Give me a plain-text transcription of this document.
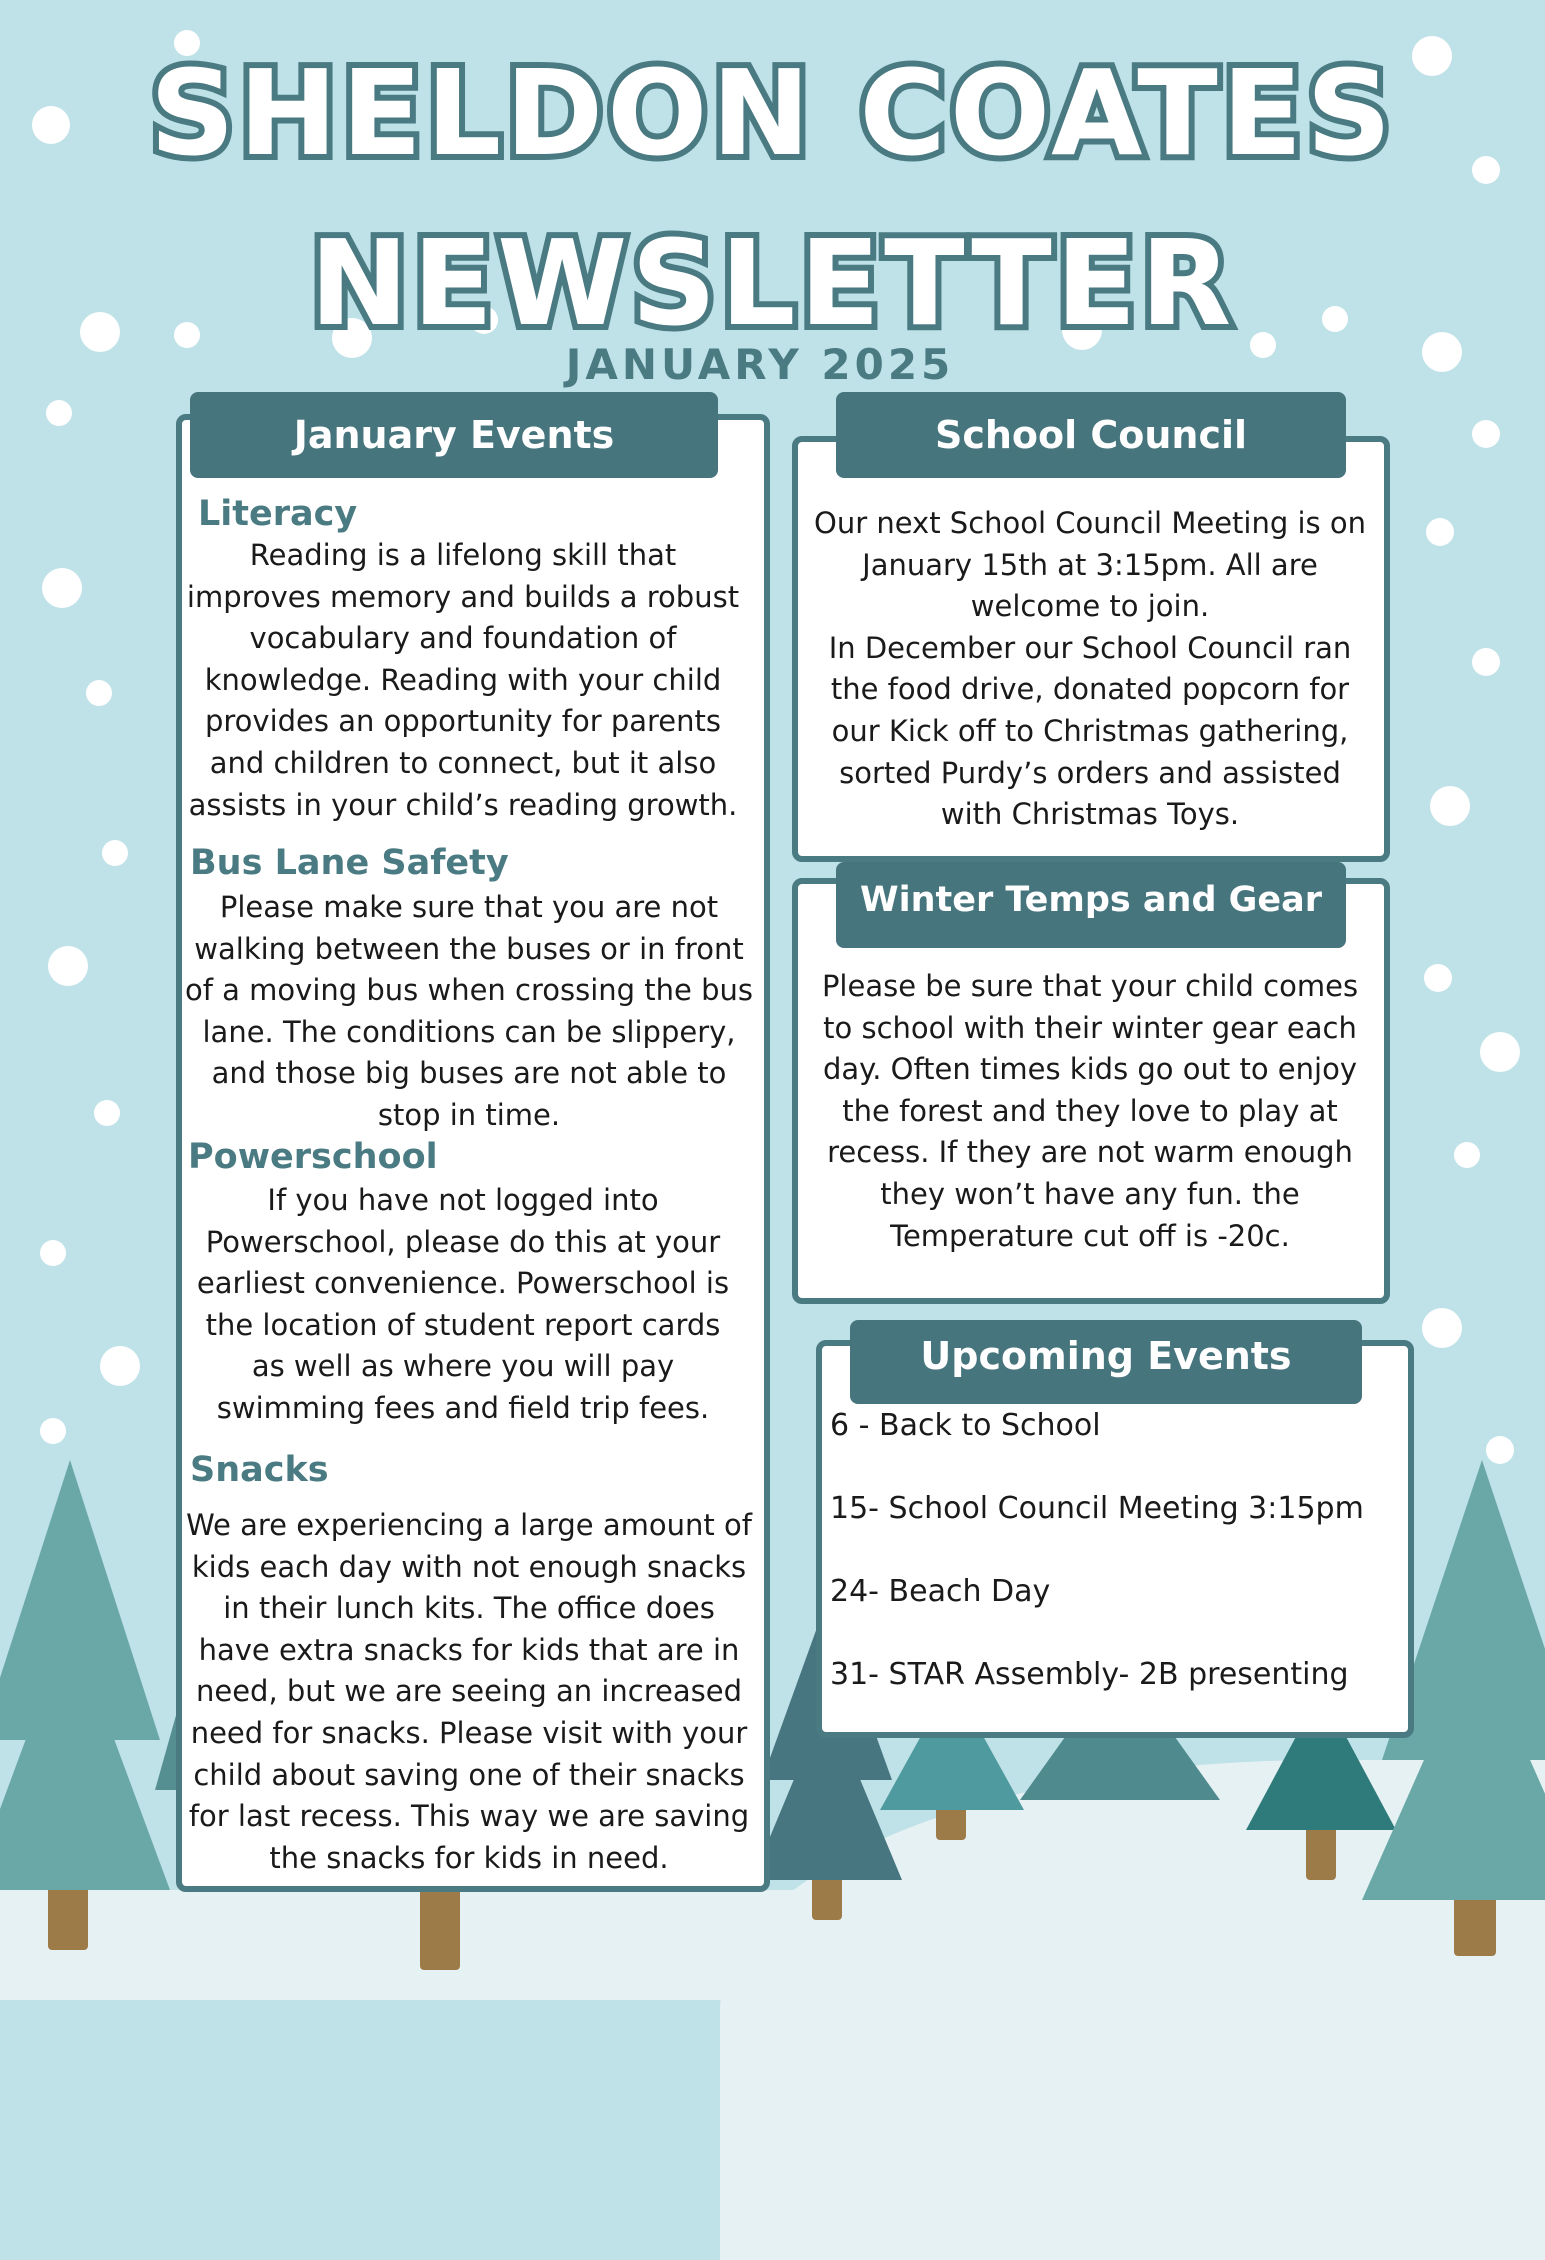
SHELDON COATES
NEWSLETTER
JANUARY 2025
January Events
Literacy
Reading is a lifelong skill that
improves memory and builds a robust
vocabulary and foundation of
knowledge. Reading with your child
provides an opportunity for parents
and children to connect, but it also
assists in your child’s reading growth.
Bus Lane Safety
Please make sure that you are not
walking between the buses or in front
of a moving bus when crossing the bus
lane. The conditions can be slippery,
and those big buses are not able to
stop in time.
Powerschool
If you have not logged into
Powerschool, please do this at your
earliest convenience. Powerschool is
the location of student report cards
as well as where you will pay
swimming fees and field trip fees.
Snacks
We are experiencing a large amount of
kids each day with not enough snacks
in their lunch kits. The office does
have extra snacks for kids that are in
need, but we are seeing an increased
need for snacks. Please visit with your
child about saving one of their snacks
for last recess. This way we are saving
the snacks for kids in need.
School Council
Our next School Council Meeting is on
January 15th at 3:15pm. All are
welcome to join.
In December our School Council ran
the food drive, donated popcorn for
our Kick off to Christmas gathering,
sorted Purdy’s orders and assisted
with Christmas Toys.
Winter Temps and Gear
Please be sure that your child comes
to school with their winter gear each
day. Often times kids go out to enjoy
the forest and they love to play at
recess. If they are not warm enough
they won’t have any fun. the
Temperature cut off is -20c.
Upcoming Events
6 - Back to School
15- School Council Meeting 3:15pm
24- Beach Day
31- STAR Assembly- 2B presenting
